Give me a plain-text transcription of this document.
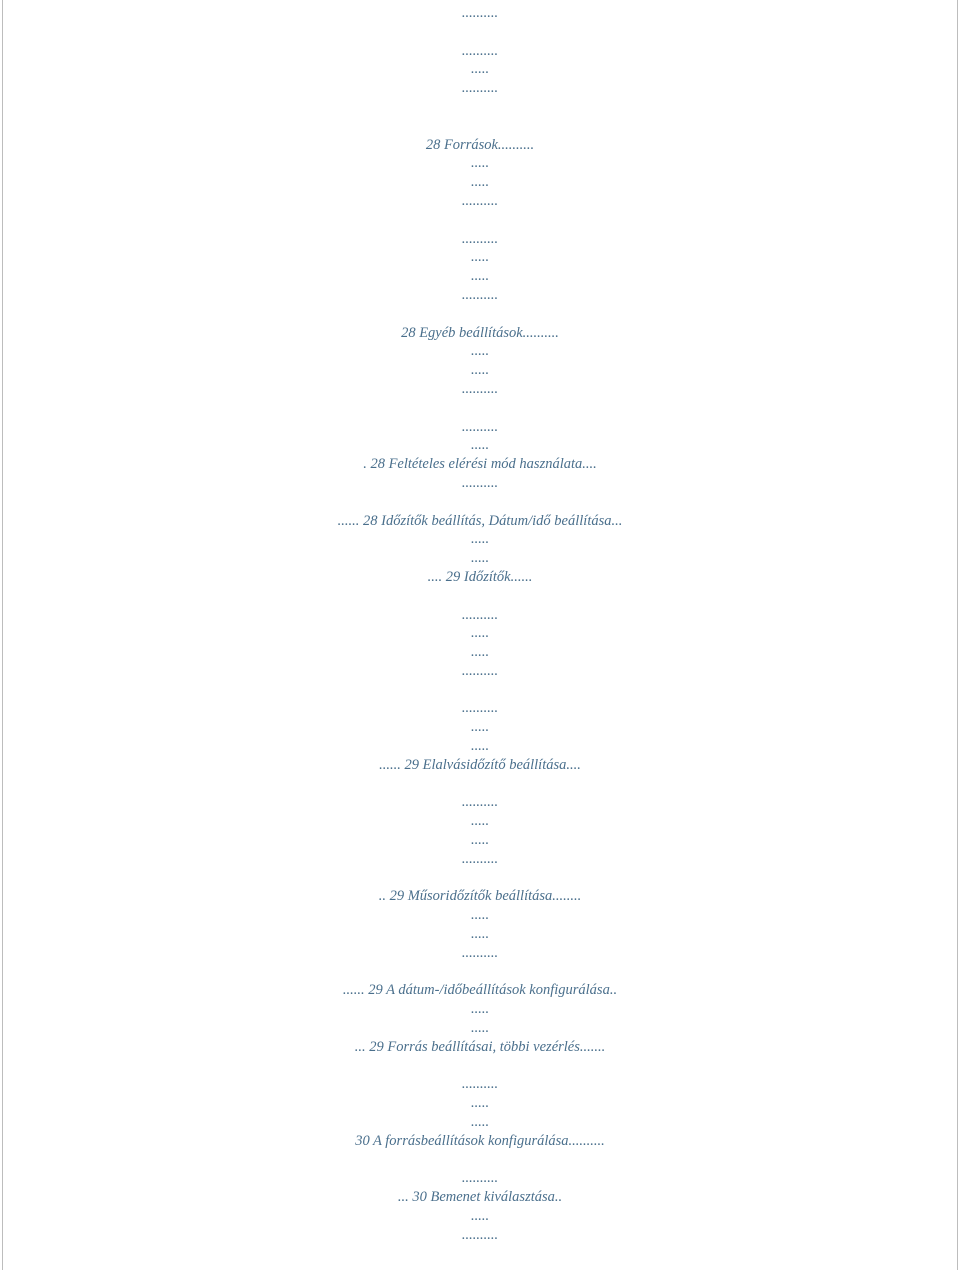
..........
..........
.....
..........
28 Források..........
.....
.....
..........
..........
.....
.....
..........
28 Egyéb beállítások..........
.....
.....
..........
..........
.....
. 28 Feltételes elérési mód használata....
..........
...... 28 Időzítők beállítás, Dátum/idő beállítása...
.....
.....
.... 29 Időzítők......
..........
.....
.....
..........
..........
.....
.....
...... 29 Elalvásidőzítő beállítása....
..........
.....
.....
..........
.. 29 Műsoridőzítők beállítása........
.....
.....
..........
...... 29 A dátum-/időbeállítások konfigurálása..
.....
.....
... 29 Forrás beállításai, többi vezérlés.......
..........
.....
.....
30 A forrásbeállítások konfigurálása..........
..........
... 30 Bemenet kiválasztása..
.....
..........
